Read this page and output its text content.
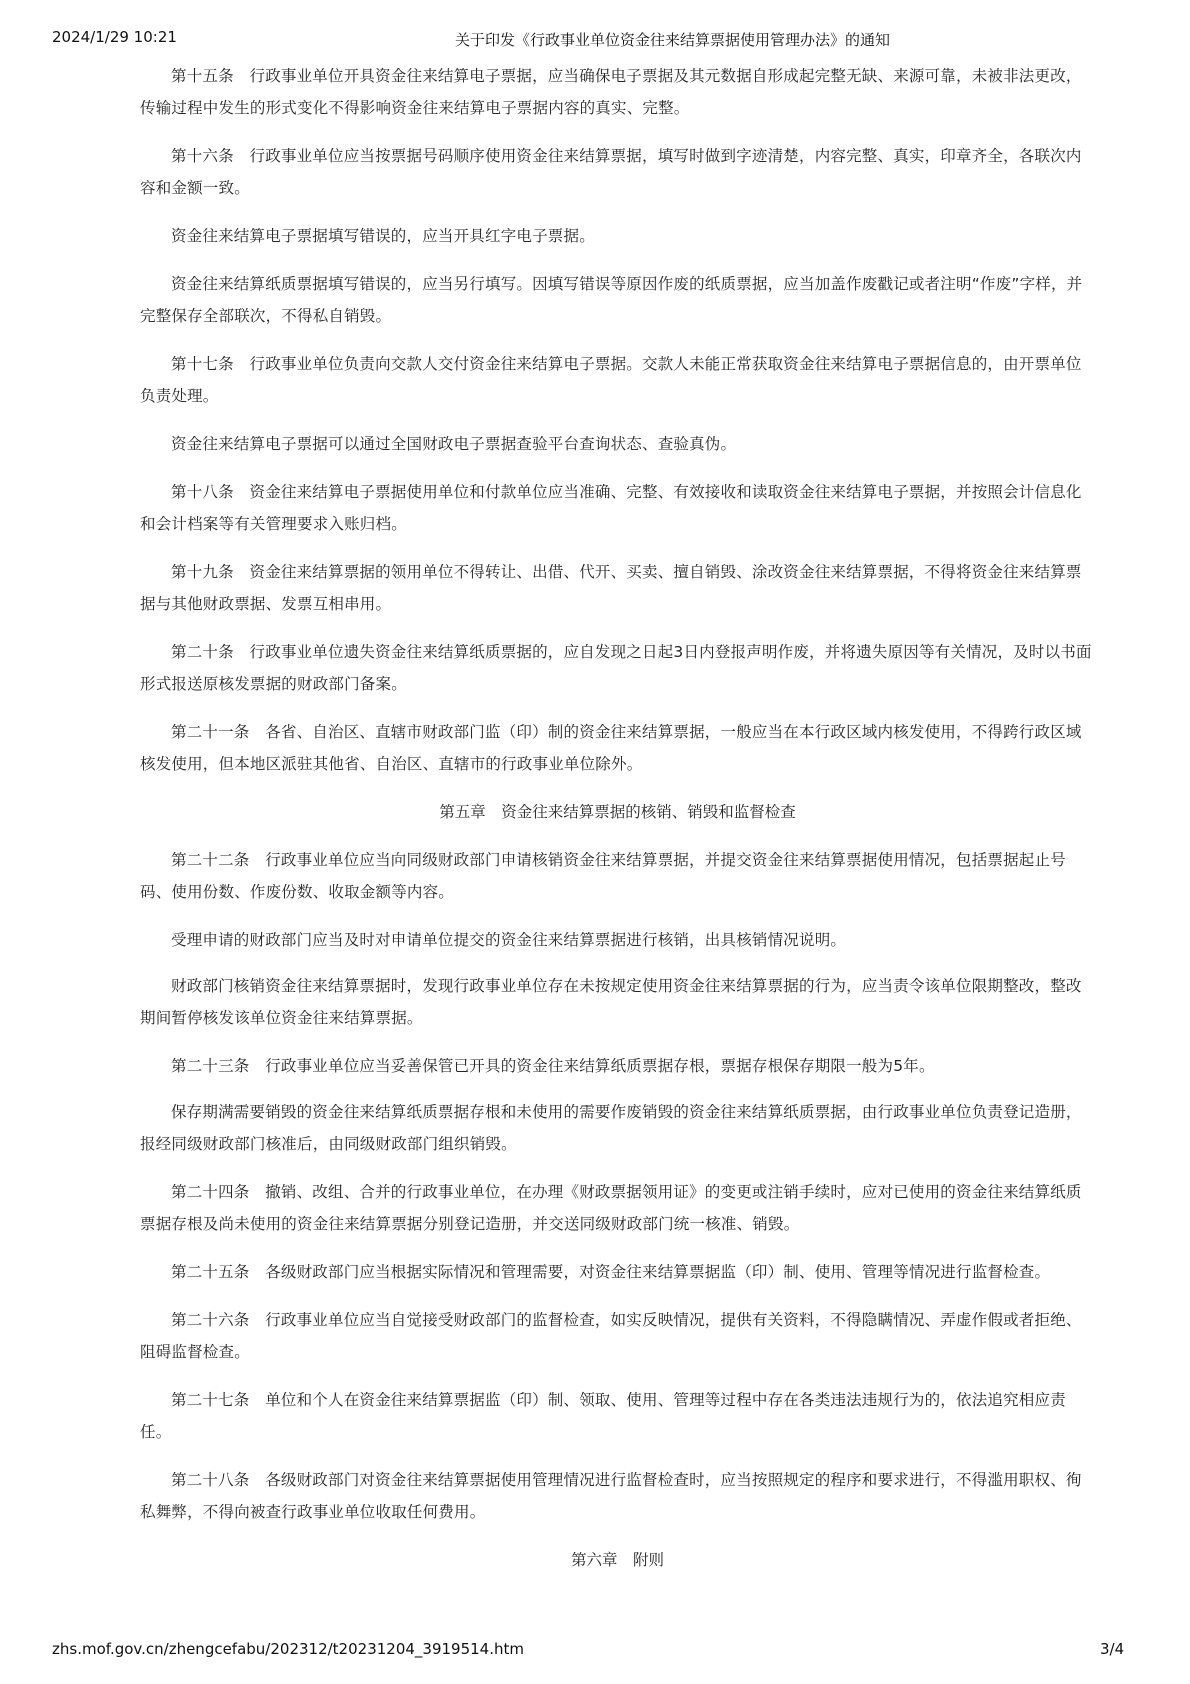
2024/1/29 10:21	关于印发《行政事业单位资金往来结算票据使用管理办法》的通知

第十五条　行政事业单位开具资金往来结算电子票据，应当确保电子票据及其元数据自形成起完整无缺、来源可靠，未被非法更改，传输过程中发生的形式变化不得影响资金往来结算电子票据内容的真实、完整。

第十六条　行政事业单位应当按票据号码顺序使用资金往来结算票据，填写时做到字迹清楚，内容完整、真实，印章齐全，各联次内容和金额一致。

资金往来结算电子票据填写错误的，应当开具红字电子票据。

资金往来结算纸质票据填写错误的，应当另行填写。因填写错误等原因作废的纸质票据，应当加盖作废戳记或者注明“作废”字样，并完整保存全部联次，不得私自销毁。

第十七条　行政事业单位负责向交款人交付资金往来结算电子票据。交款人未能正常获取资金往来结算电子票据信息的，由开票单位负责处理。

资金往来结算电子票据可以通过全国财政电子票据查验平台查询状态、查验真伪。

第十八条　资金往来结算电子票据使用单位和付款单位应当准确、完整、有效接收和读取资金往来结算电子票据，并按照会计信息化和会计档案等有关管理要求入账归档。

第十九条　资金往来结算票据的领用单位不得转让、出借、代开、买卖、擅自销毁、涂改资金往来结算票据，不得将资金往来结算票据与其他财政票据、发票互相串用。

第二十条　行政事业单位遗失资金往来结算纸质票据的，应自发现之日起3日内登报声明作废，并将遗失原因等有关情况，及时以书面形式报送原核发票据的财政部门备案。

第二十一条　各省、自治区、直辖市财政部门监（印）制的资金往来结算票据，一般应当在本行政区域内核发使用，不得跨行政区域核发使用，但本地区派驻其他省、自治区、直辖市的行政事业单位除外。

第五章　资金往来结算票据的核销、销毁和监督检查

第二十二条　行政事业单位应当向同级财政部门申请核销资金往来结算票据，并提交资金往来结算票据使用情况，包括票据起止号码、使用份数、作废份数、收取金额等内容。

受理申请的财政部门应当及时对申请单位提交的资金往来结算票据进行核销，出具核销情况说明。

财政部门核销资金往来结算票据时，发现行政事业单位存在未按规定使用资金往来结算票据的行为，应当责令该单位限期整改，整改期间暂停核发该单位资金往来结算票据。

第二十三条　行政事业单位应当妥善保管已开具的资金往来结算纸质票据存根，票据存根保存期限一般为5年。

保存期满需要销毁的资金往来结算纸质票据存根和未使用的需要作废销毁的资金往来结算纸质票据，由行政事业单位负责登记造册，报经同级财政部门核准后，由同级财政部门组织销毁。

第二十四条　撤销、改组、合并的行政事业单位，在办理《财政票据领用证》的变更或注销手续时，应对已使用的资金往来结算纸质票据存根及尚未使用的资金往来结算票据分别登记造册，并交送同级财政部门统一核准、销毁。

第二十五条　各级财政部门应当根据实际情况和管理需要，对资金往来结算票据监（印）制、使用、管理等情况进行监督检查。

第二十六条　行政事业单位应当自觉接受财政部门的监督检查，如实反映情况，提供有关资料，不得隐瞒情况、弄虚作假或者拒绝、阻碍监督检查。

第二十七条　单位和个人在资金往来结算票据监（印）制、领取、使用、管理等过程中存在各类违法违规行为的，依法追究相应责任。

第二十八条　各级财政部门对资金往来结算票据使用管理情况进行监督检查时，应当按照规定的程序和要求进行，不得滥用职权、徇私舞弊，不得向被查行政事业单位收取任何费用。

第六章　附则

zhs.mof.gov.cn/zhengcefabu/202312/t20231204_3919514.htm	3/4
